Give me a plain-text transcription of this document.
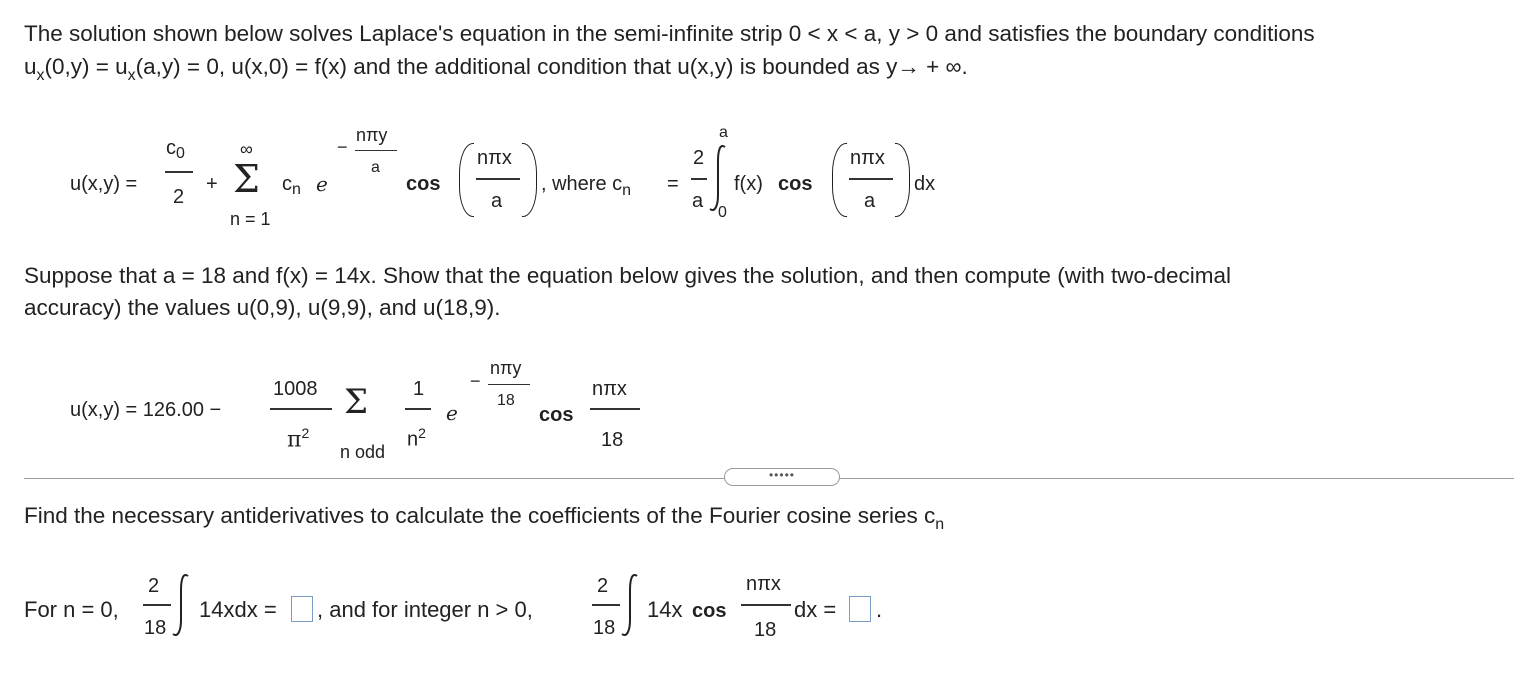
The solution shown below solves Laplace's equation in the semi-infinite strip 0 < x < a, y > 0 and satisfies the boundary conditions
$u_x(0,y) = u_x(a,y) = 0$, u(x,0) = f(x) and the additional condition that u(x,y) is bounded as y→ + ∞.
u(x,y) =
$c_0$
2
+
∞
Σ
n = 1
$c_n$ e
−
nπy
a
cos
nπx
a
, where $c_n$ =
2
a
a
0
f(x) cos
nπx
a
dx
Suppose that a = 18 and f(x) = 14x. Show that the equation below gives the solution, and then compute (with two-decimal
accuracy) the values u(0,9), u(9,9), and u(18,9).
u(x,y) = 126.00 −
1008
$\pi^2$
Σ
n odd
1
$n^2$
e
−
nπy
18
cos
nπx
18
•••••
Find the necessary antiderivatives to calculate the coefficients of the Fourier cosine series $c_n$
For n = 0,
2
18
14xdx = , and for integer n > 0,
2
18
14x cos
nπx
18
dx = .
